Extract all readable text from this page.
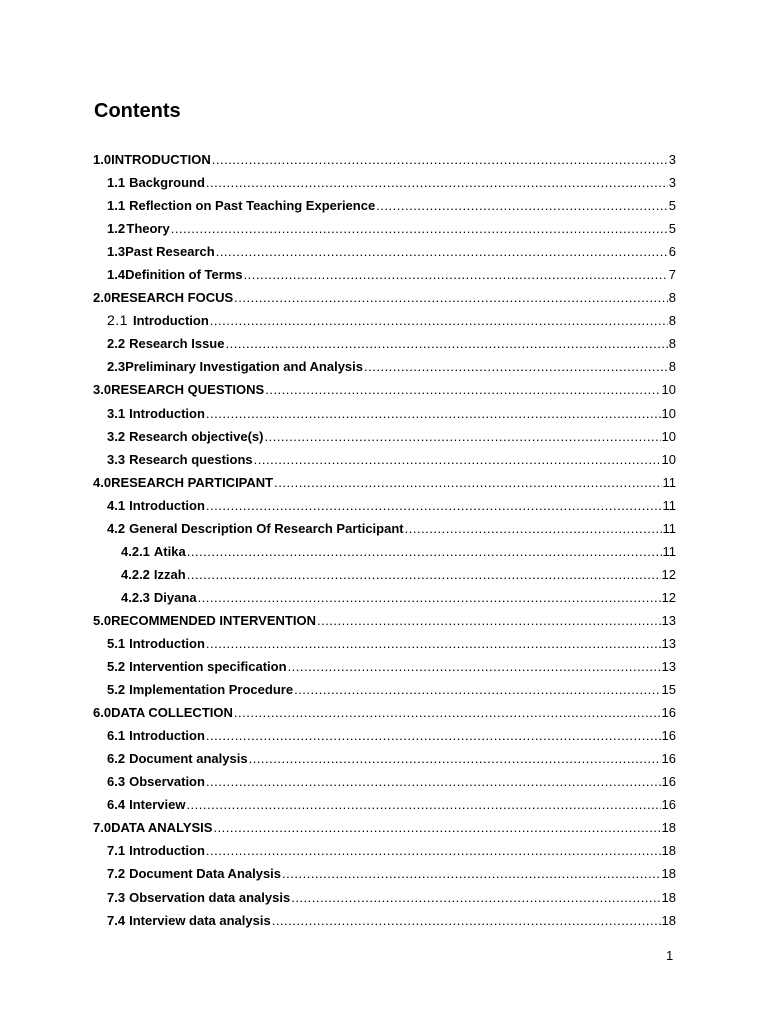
Contents
1.0 INTRODUCTION .....	3
1.1 Background .....	3
1.1 Reflection on Past Teaching Experience .....	5
1.2 Theory .....	5
1.3 Past Research .....	6
1.4 Definition of Terms .....	7
2.0 RESEARCH FOCUS .....	8
2.1 Introduction .....	8
2.2 Research Issue .....	8
2.3 Preliminary Investigation and Analysis .....	8
3.0 RESEARCH QUESTIONS .....	10
3.1 Introduction .....	10
3.2 Research objective(s) .....	10
3.3 Research questions .....	10
4.0 RESEARCH PARTICIPANT .....	11
4.1 Introduction .....	11
4.2 General Description Of Research Participant .....	11
4.2.1 Atika .....	11
4.2.2 Izzah .....	12
4.2.3 Diyana .....	12
5.0 RECOMMENDED INTERVENTION .....	13
5.1 Introduction .....	13
5.2 Intervention specification .....	13
5.2 Implementation Procedure .....	15
6.0 DATA COLLECTION .....	16
6.1 Introduction .....	16
6.2 Document analysis .....	16
6.3 Observation .....	16
6.4 Interview .....	16
7.0 DATA ANALYSIS .....	18
7.1 Introduction .....	18
7.2 Document Data Analysis .....	18
7.3 Observation data analysis .....	18
7.4 Interview data analysis .....	18
1
